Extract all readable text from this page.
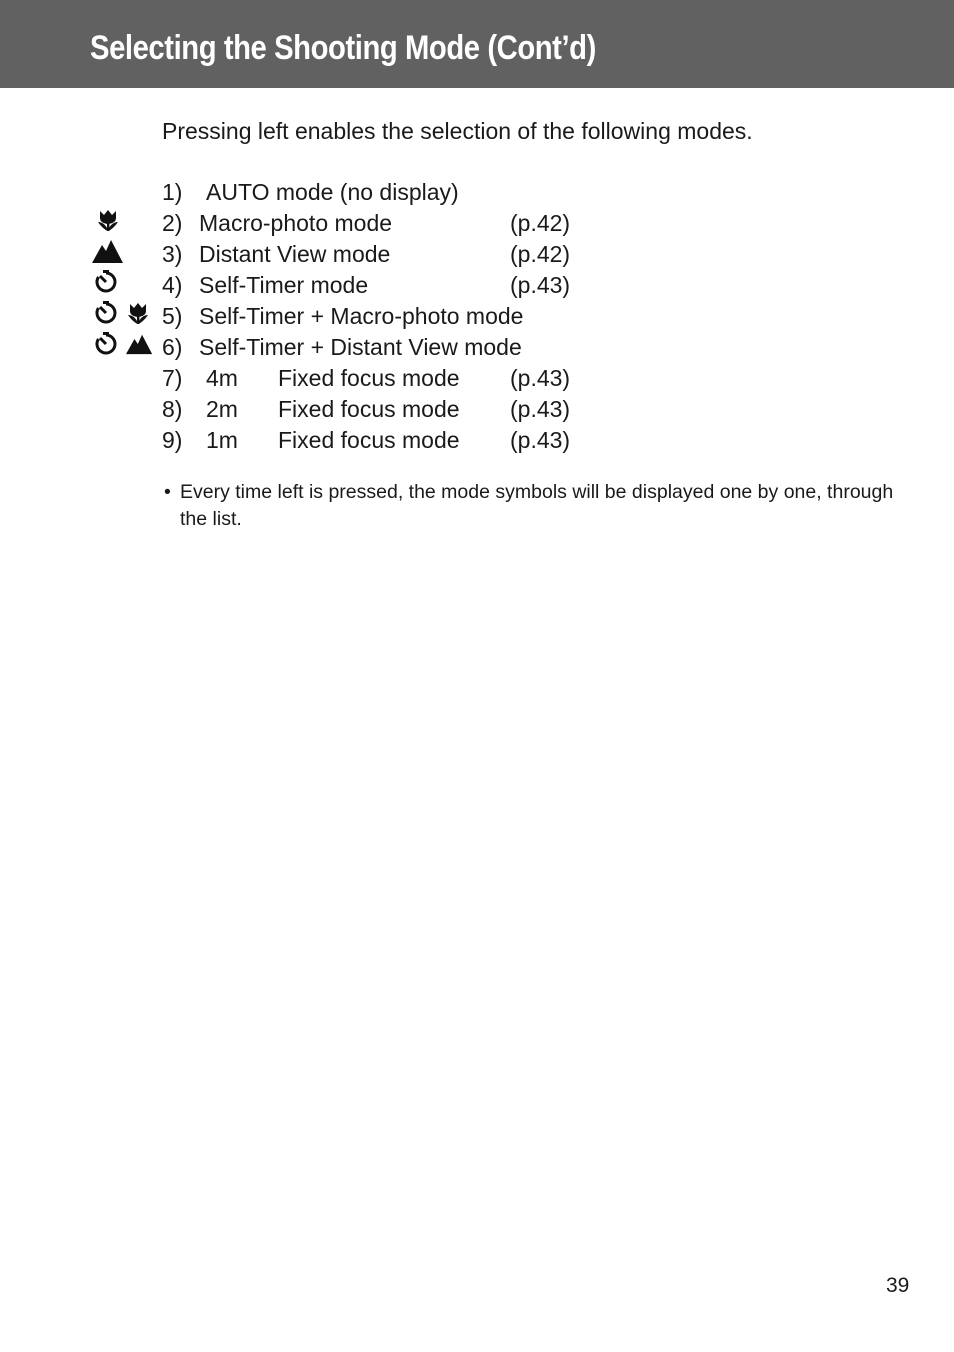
Selecting the Shooting Mode (Cont’d)
Pressing left enables the selection of the following modes.
1) AUTO mode (no display)
2) Macro-photo mode	(p.42)
3) Distant View mode	(p.42)
4) Self-Timer mode	(p.43)
5) Self-Timer + Macro-photo mode
6) Self-Timer + Distant View mode
7) 4m Fixed focus mode (p.43)
8) 2m Fixed focus mode (p.43)
9) 1m Fixed focus mode (p.43)
• Every time left is pressed, the mode symbols will be displayed one by one, through the list.
39
